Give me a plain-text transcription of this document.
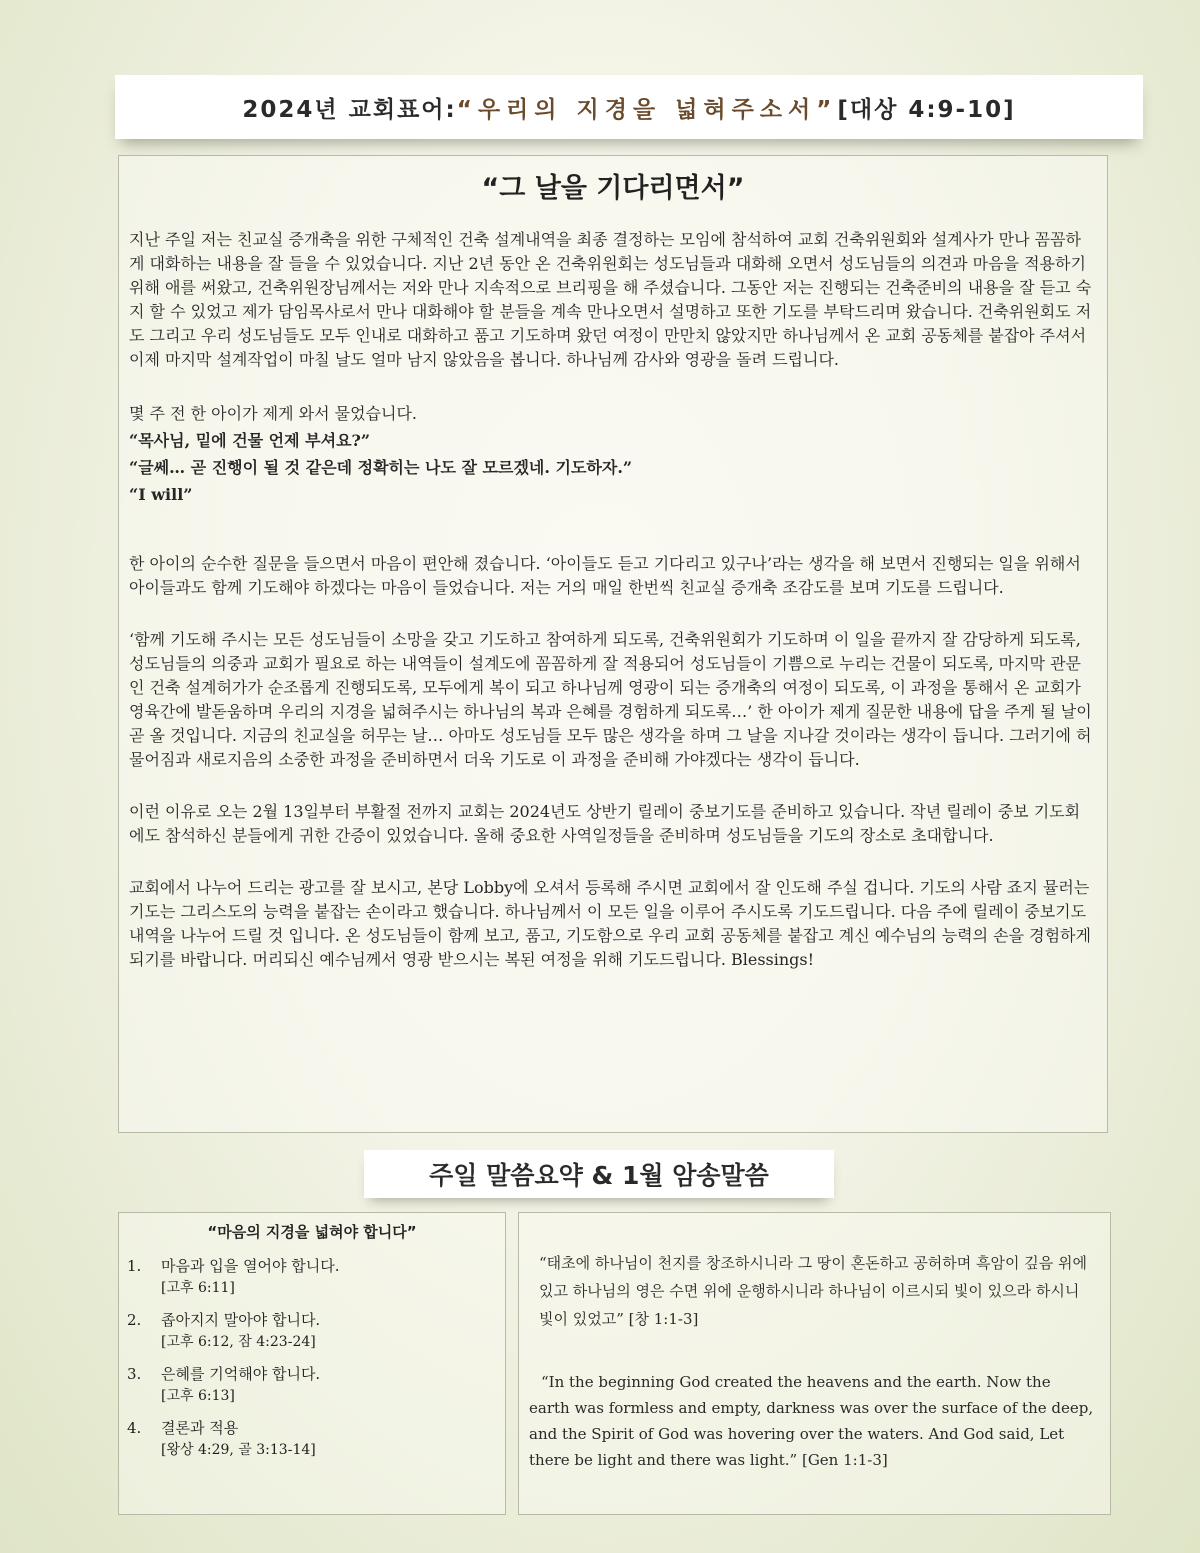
2024년 교회표어: “우리의 지경을 넓혀주소서” [대상 4:9-10]
“그 날을 기다리면서”

지난 주일 저는 친교실 증개축을 위한 구체적인 건축 설계내역을 최종 결정하는 모임에 참석하여 교회 건축위원회와 설계사가 만나 꼼꼼하게 대화하는 내용을 잘 들을 수 있었습니다. 지난 2년 동안 온 건축위원회는 성도님들과 대화해 오면서 성도님들의 의견과 마음을 적용하기 위해 애를 써왔고, 건축위원장님께서는 저와 만나 지속적으로 브리핑을 해 주셨습니다. 그동안 저는 진행되는 건축준비의 내용을 잘 듣고 숙지 할 수 있었고 제가 담임목사로서 만나 대화해야 할 분들을 계속 만나오면서 설명하고 또한 기도를 부탁드리며 왔습니다. 건축위원회도 저도 그리고 우리 성도님들도 모두 인내로 대화하고 품고 기도하며 왔던 여정이 만만치 않았지만 하나님께서 온 교회 공동체를 붙잡아 주셔서 이제 마지막 설계작업이 마칠 날도 얼마 남지 않았음을 봅니다. 하나님께 감사와 영광을 돌려 드립니다.

몇 주 전 한 아이가 제게 와서 물었습니다.
“목사님, 밑에 건물 언제 부셔요?”
“글쎄… 곧 진행이 될 것 같은데 정확히는 나도 잘 모르겠네. 기도하자.”
“I will”

한 아이의 순수한 질문을 들으면서 마음이 편안해 졌습니다. ‘아이들도 듣고 기다리고 있구나’라는 생각을 해 보면서 진행되는 일을 위해서 아이들과도 함께 기도해야 하겠다는 마음이 들었습니다. 저는 거의 매일 한번씩 친교실 증개축 조감도를 보며 기도를 드립니다.

‘함께 기도해 주시는 모든 성도님들이 소망을 갖고 기도하고 참여하게 되도록, 건축위원회가 기도하며 이 일을 끝까지 잘 감당하게 되도록, 성도님들의 의중과 교회가 필요로 하는 내역들이 설계도에 꼼꼼하게 잘 적용되어 성도님들이 기쁨으로 누리는 건물이 되도록, 마지막 관문인 건축 설계허가가 순조롭게 진행되도록, 모두에게 복이 되고 하나님께 영광이 되는 증개축의 여정이 되도록, 이 과정을 통해서 온 교회가 영육간에 발돋움하며 우리의 지경을 넓혀주시는 하나님의 복과 은혜를 경험하게 되도록…’ 한 아이가 제게 질문한 내용에 답을 주게 될 날이 곧 올 것입니다. 지금의 친교실을 허무는 날… 아마도 성도님들 모두 많은 생각을 하며 그 날을 지나갈 것이라는 생각이 듭니다. 그러기에 허물어짐과 새로지음의 소중한 과정을 준비하면서 더욱 기도로 이 과정을 준비해 가야겠다는 생각이 듭니다.

이런 이유로 오는 2월 13일부터 부활절 전까지 교회는 2024년도 상반기 릴레이 중보기도를 준비하고 있습니다. 작년 릴레이 중보 기도회에도 참석하신 분들에게 귀한 간증이 있었습니다. 올해 중요한 사역일정들을 준비하며 성도님들을 기도의 장소로 초대합니다.

교회에서 나누어 드리는 광고를 잘 보시고, 본당 Lobby에 오셔서 등록해 주시면 교회에서 잘 인도해 주실 겁니다. 기도의 사람 죠지 뮬러는 기도는 그리스도의 능력을 붙잡는 손이라고 했습니다. 하나님께서 이 모든 일을 이루어 주시도록 기도드립니다. 다음 주에 릴레이 중보기도 내역을 나누어 드릴 것 입니다. 온 성도님들이 함께 보고, 품고, 기도함으로 우리 교회 공동체를 붙잡고 계신 예수님의 능력의 손을 경험하게 되기를 바랍니다. 머리되신 예수님께서 영광 받으시는 복된 여정을 위해 기도드립니다. Blessings!

주일 말씀요약 & 1월 암송말씀
“마음의 지경을 넓혀야 합니다”
1.	마음과 입을 열어야 합니다.
[고후 6:11]
2.	좁아지지 말아야 합니다.
[고후 6:12, 잠 4:23-24]
3.	은혜를 기억해야 합니다.
[고후 6:13]
4.	결론과 적용
[왕상 4:29, 골 3:13-14]
“태초에 하나님이 천지를 창조하시니라 그 땅이 혼돈하고 공허하며 흑암이 깊음 위에 있고 하나님의 영은 수면 위에 운행하시니라 하나님이 이르시되 빛이 있으라 하시니 빛이 있었고” [창 1:1-3]
“In the beginning God created the heavens and the earth. Now the earth was formless and empty, darkness was over the surface of the deep, and the Spirit of God was hovering over the waters. And God said, Let there be light and there was light.” [Gen 1:1-3]
